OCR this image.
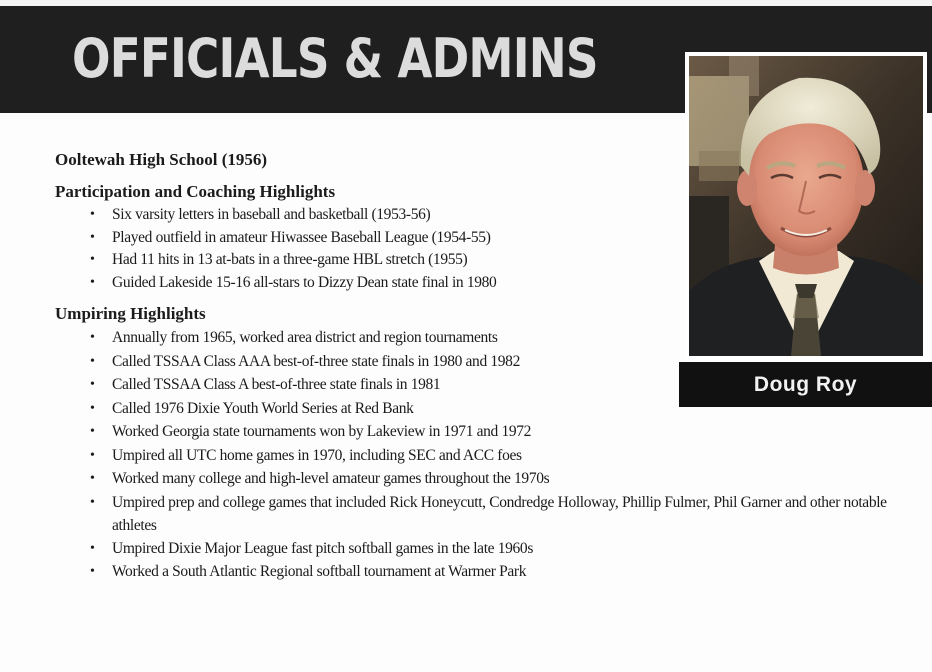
OFFICIALS & ADMINS
Doug Roy
Ooltewah High School (1956)
Participation and Coaching Highlights
• Six varsity letters in baseball and basketball (1953-56)
• Played outfield in amateur Hiwassee Baseball League (1954-55)
• Had 11 hits in 13 at-bats in a three-game HBL stretch (1955)
• Guided Lakeside 15-16 all-stars to Dizzy Dean state final in 1980
Umpiring Highlights
• Annually from 1965, worked area district and region tournaments
• Called TSSAA Class AAA best-of-three state finals in 1980 and 1982
• Called TSSAA Class A best-of-three state finals in 1981
• Called 1976 Dixie Youth World Series at Red Bank
• Worked Georgia state tournaments won by Lakeview in 1971 and 1972
• Umpired all UTC home games in 1970, including SEC and ACC foes
• Worked many college and high-level amateur games throughout the 1970s
• Umpired prep and college games that included Rick Honeycutt, Condredge Holloway, Phillip Fulmer, Phil Garner and other notable athletes
• Umpired Dixie Major League fast pitch softball games in the late 1960s
• Worked a South Atlantic Regional softball tournament at Warmer Park
